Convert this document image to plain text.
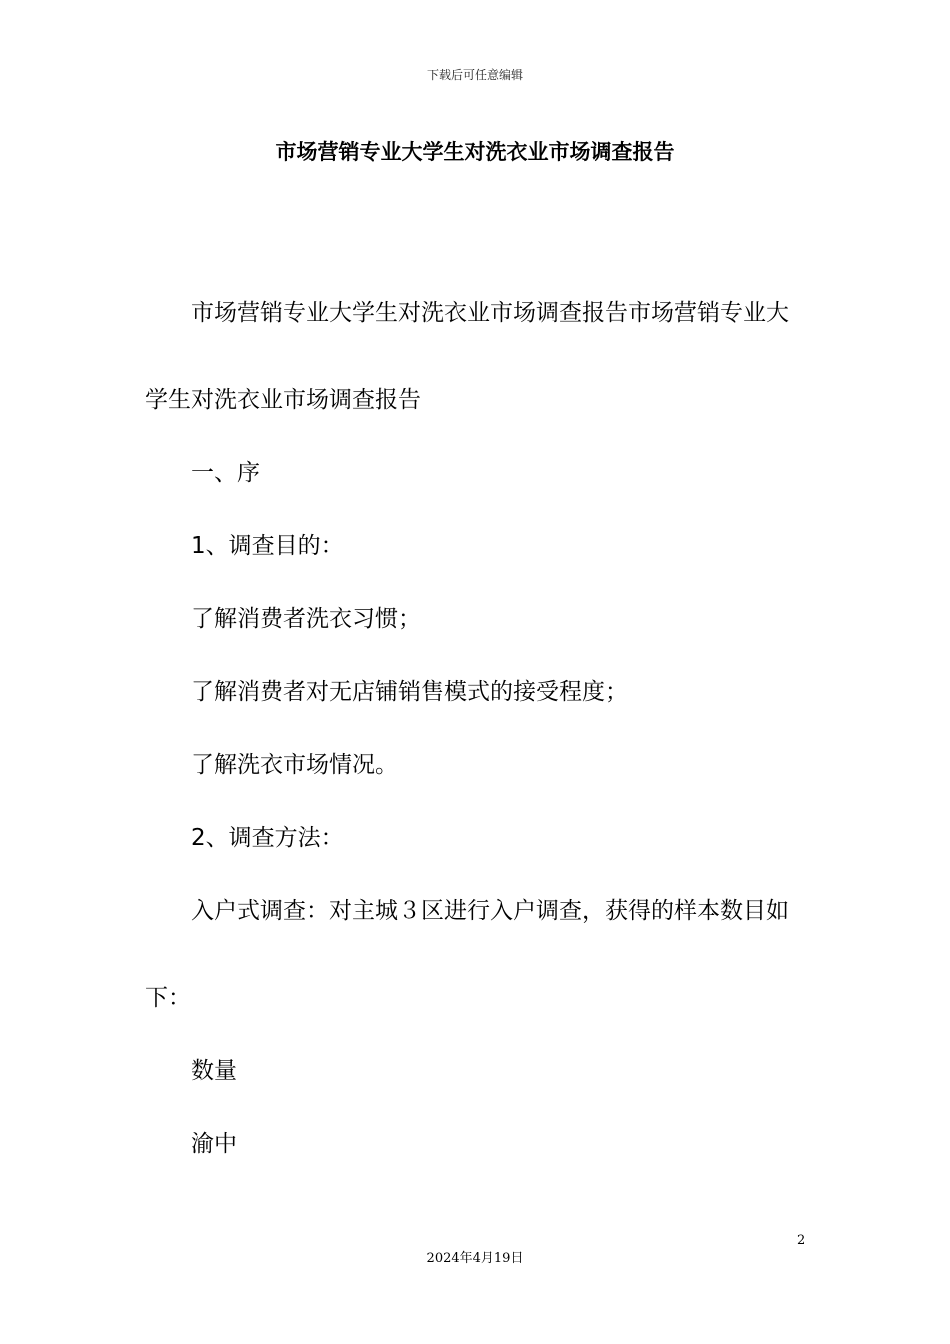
下载后可任意编辑
市场营销专业大学生对洗衣业市场调查报告
市场营销专业大学生对洗衣业市场调查报告市场营销专业大
学生对洗衣业市场调查报告
一、序
1、调查目的：
了解消费者洗衣习惯；
了解消费者对无店铺销售模式的接受程度；
了解洗衣市场情况。
2、调查方法：
入户式调查：对主城３区进行入户调查，获得的样本数目如
下：
数量
渝中
2
2024年4月19日
